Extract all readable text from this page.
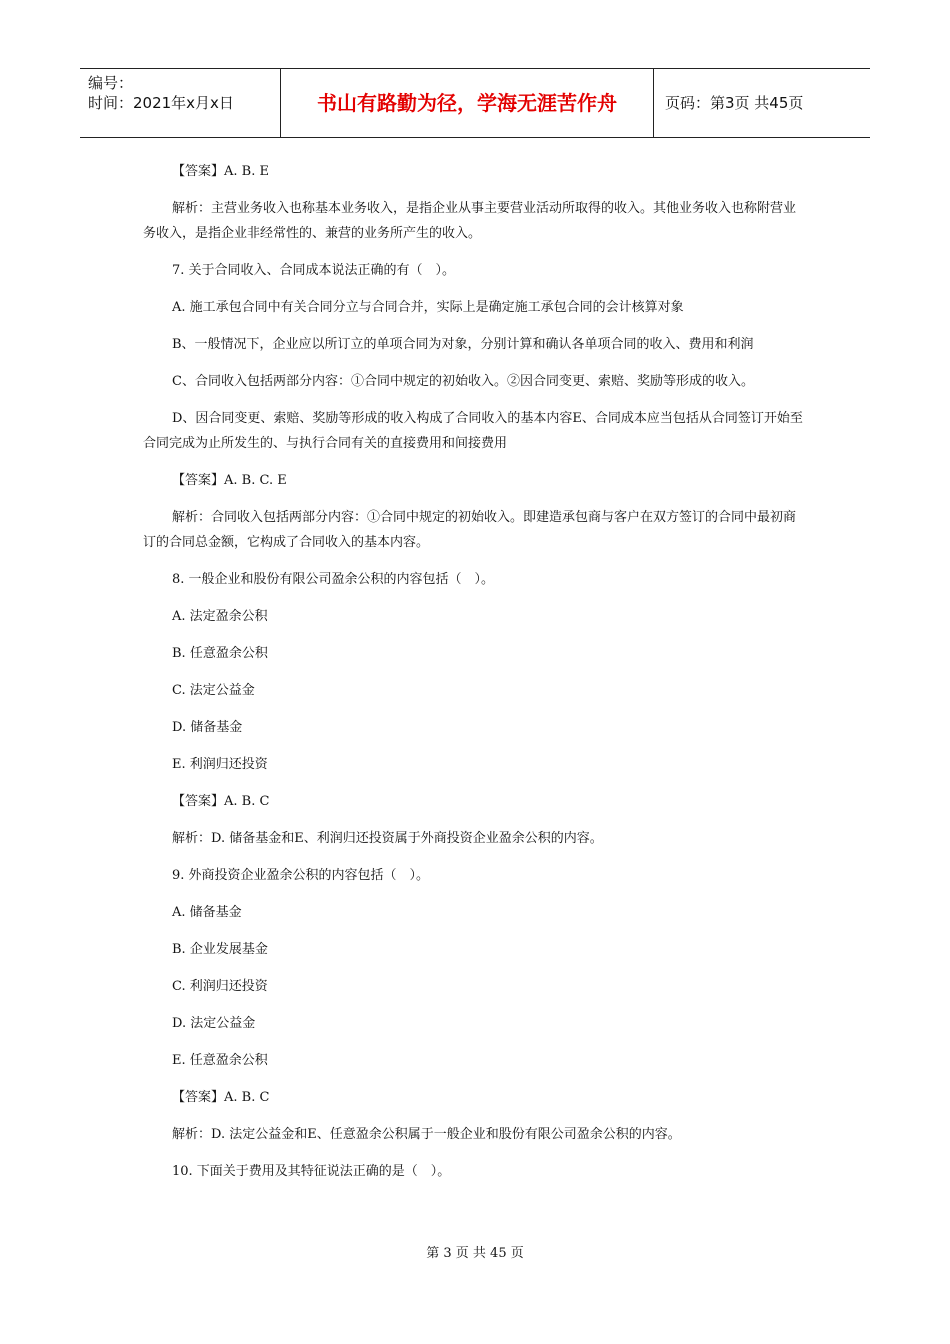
编号：
时间：2021年x月x日	书山有路勤为径，学海无涯苦作舟	页码：第3页 共45页

【答案】A. B. E

解析：主营业务收入也称基本业务收入，是指企业从事主要营业活动所取得的收入。其他业务收入也称附营业务收入，是指企业非经常性的、兼营的业务所产生的收入。

7. 关于合同收入、合同成本说法正确的有（　）。

A. 施工承包合同中有关合同分立与合同合并，实际上是确定施工承包合同的会计核算对象

B、一般情况下，企业应以所订立的单项合同为对象，分别计算和确认各单项合同的收入、费用和利润

C、合同收入包括两部分内容：①合同中规定的初始收入。②因合同变更、索赔、奖励等形成的收入。

D、因合同变更、索赔、奖励等形成的收入构成了合同收入的基本内容E、合同成本应当包括从合同签订开始至合同完成为止所发生的、与执行合同有关的直接费用和间接费用

【答案】A. B. C. E

解析：合同收入包括两部分内容：①合同中规定的初始收入。即建造承包商与客户在双方签订的合同中最初商订的合同总金额，它构成了合同收入的基本内容。

8. 一般企业和股份有限公司盈余公积的内容包括（　）。

A. 法定盈余公积

B. 任意盈余公积

C. 法定公益金

D. 储备基金

E. 利润归还投资

【答案】A. B. C

解析：D. 储备基金和E、利润归还投资属于外商投资企业盈余公积的内容。

9. 外商投资企业盈余公积的内容包括（　）。

A. 储备基金

B. 企业发展基金

C. 利润归还投资

D. 法定公益金

E. 任意盈余公积

【答案】A. B. C

解析：D. 法定公益金和E、任意盈余公积属于一般企业和股份有限公司盈余公积的内容。

10. 下面关于费用及其特征说法正确的是（　）。

第 3 页 共 45 页
